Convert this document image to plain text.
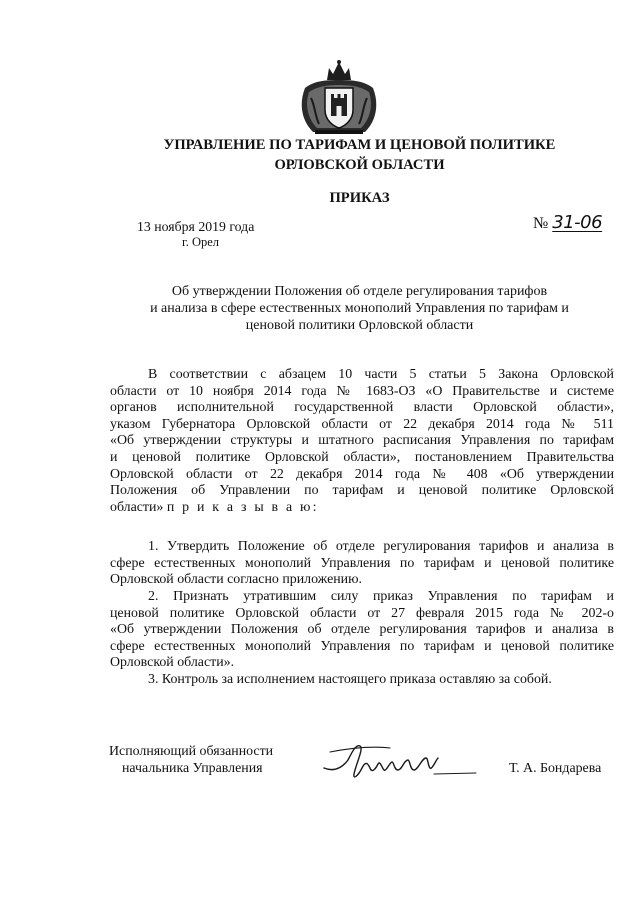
УПРАВЛЕНИЕ ПО ТАРИФАМ И ЦЕНОВОЙ ПОЛИТИКЕ
ОРЛОВСКОЙ ОБЛАСТИ
ПРИКАЗ
13 ноября 2019 года
г. Орел
№ 31-06
Об утверждении Положения об отделе регулирования тарифов
и анализа в сфере естественных монополий Управления по тарифам и
ценовой политики Орловской области
В соответствии с абзацем 10 части 5 статьи 5 Закона Орловской
области от 10 ноября 2014 года № 1683-ОЗ «О Правительстве и системе
органов исполнительной государственной власти Орловской области»,
указом Губернатора Орловской области от 22 декабря 2014 года № 511
«Об утверждении структуры и штатного расписания Управления по тарифам
и ценовой политике Орловской области», постановлением Правительства
Орловской области от 22 декабря 2014 года № 408 «Об утверждении
Положения об Управлении по тарифам и ценовой политике Орловской
области» п р и к а з ы в а ю:
1. Утвердить Положение об отделе регулирования тарифов и анализа в
сфере естественных монополий Управления по тарифам и ценовой политике
Орловской области согласно приложению.
2. Признать утратившим силу приказ Управления по тарифам и
ценовой политике Орловской области от 27 февраля 2015 года № 202-о
«Об утверждении Положения об отделе регулирования тарифов и анализа в
сфере естественных монополий Управления по тарифам и ценовой политике
Орловской области».
3. Контроль за исполнением настоящего приказа оставляю за собой.
Исполняющий обязанности
начальника Управления	Т. А. Бондарева
